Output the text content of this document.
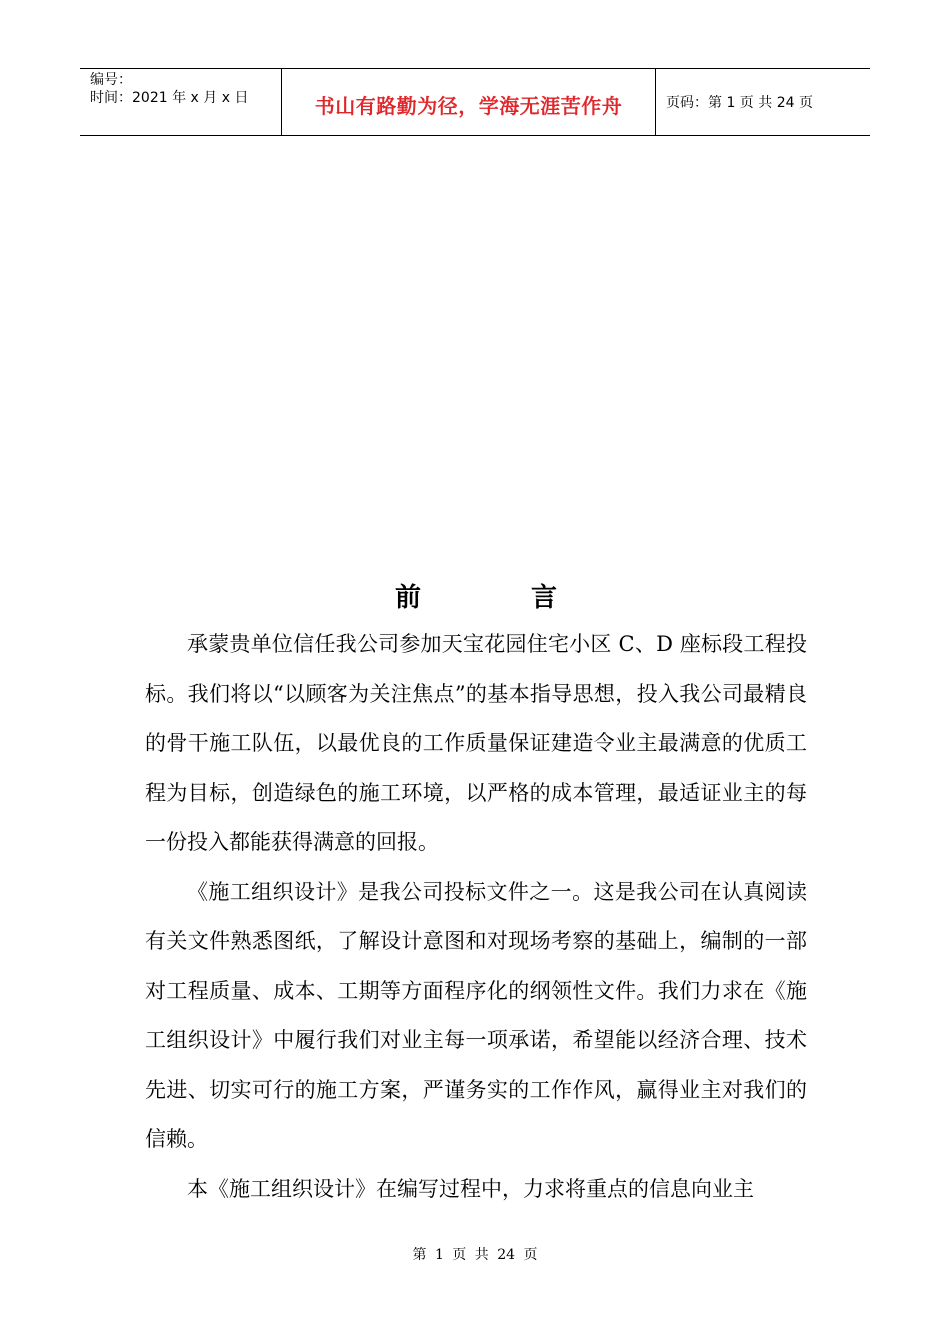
编号：
时间：2021 年 x 月 x 日	书山有路勤为径，学海无涯苦作舟	页码：第 1 页 共 24 页
前言

承蒙贵单位信任我公司参加天宝花园住宅小区 C、D 座标段工程投标。我们将以“以顾客为关注焦点”的基本指导思想，投入我公司最精良的骨干施工队伍，以最优良的工作质量保证建造令业主最满意的优质工程为目标，创造绿色的施工环境，以严格的成本管理，最适证业主的每一份投入都能获得满意的回报。

《施工组织设计》是我公司投标文件之一。这是我公司在认真阅读有关文件熟悉图纸，了解设计意图和对现场考察的基础上，编制的一部对工程质量、成本、工期等方面程序化的纲领性文件。我们力求在《施工组织设计》中履行我们对业主每一项承诺，希望能以经济合理、技术先进、切实可行的施工方案，严谨务实的工作作风，赢得业主对我们的信赖。

本《施工组织设计》在编写过程中，力求将重点的信息向业主

第 1 页 共 24 页
